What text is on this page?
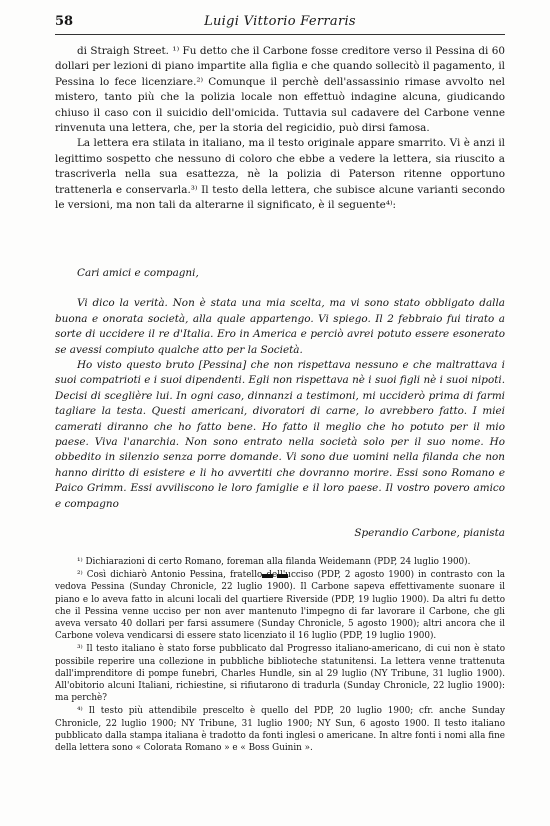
58	Luigi Vittorio Ferraris

di Straigh Street. ¹⁾ Fu detto che il Carbone fosse creditore verso il Pessina di 60 dollari per lezioni di piano impartite alla figlia e che quando sollecitò il pagamento, il Pessina lo fece licenziare.²⁾ Comunque il perchè dell'assassinio rimase avvolto nel mistero, tanto più che la polizia locale non effettuò indagine alcuna, giudicando chiuso il caso con il suicidio dell'omicida. Tuttavia sul cadavere del Carbone venne rinvenuta una lettera, che, per la storia del regicidio, può dirsi famosa.

La lettera era stilata in italiano, ma il testo originale appare smarrito. Vi è anzi il legittimo sospetto che nessuno di coloro che ebbe a vedere la lettera, sia riuscito a trascriverla nella sua esattezza, nè la polizia di Paterson ritenne opportuno trattenerla e conservarla.³⁾ Il testo della lettera, che subisce alcune varianti secondo le versioni, ma non tali da alterarne il significato, è il seguente⁴⁾:

Cari amici e compagni,

Vi dico la verità. Non è stata una mia scelta, ma vi sono stato obbligato dalla buona e onorata società, alla quale appartengo. Vi spiego. Il 2 febbraio fui tirato a sorte di uccidere il re d'Italia. Ero in America e perciò avrei potuto essere esonerato se avessi compiuto qualche atto per la Società.

Ho visto questo bruto [Pessina] che non rispettava nessuno e che maltrattava i suoi compatrioti e i suoi dipendenti. Egli non rispettava nè i suoi figli nè i suoi nipoti. Decisi di sceglière lui. In ogni caso, dinnanzi a testimoni, mi ucciderò prima di farmi tagliare la testa. Questi americani, divoratori di carne, lo avrebbero fatto. I miei camerati diranno che ho fatto bene. Ho fatto il meglio che ho potuto per il mio paese. Viva l'anarchia. Non sono entrato nella società solo per il suo nome. Ho obbedito in silenzio senza porre domande. Vi sono due uomini nella filanda che non hanno diritto di esistere e li ho avvertiti che dovranno morire. Essi sono Romano e Paico Grimm. Essi avviliscono le loro famiglie e il loro paese. Il vostro povero amico e compagno

Sperandio Carbone, pianista

¹⁾ Dichiarazioni di certo Romano, foreman alla filanda Weidemann (PDP, 24 luglio 1900).

²⁾ Così dichiarò Antonio Pessina, fratello dell'ucciso (PDP, 2 agosto 1900) in contrasto con la vedova Pessina (Sunday Chronicle, 22 luglio 1900). Il Carbone sapeva effettivamente suonare il piano e lo aveva fatto in alcuni locali del quartiere Riverside (PDP, 19 luglio 1900). Da altri fu detto che il Pessina venne ucciso per non aver mantenuto l'impegno di far lavorare il Carbone, che gli aveva versato 40 dollari per farsi assumere (Sunday Chronicle, 5 agosto 1900); altri ancora che il Carbone voleva vendicarsi di essere stato licenziato il 16 luglio (PDP, 19 luglio 1900).

³⁾ Il testo italiano è stato forse pubblicato dal Progresso italiano-americano, di cui non è stato possibile reperire una collezione in pubbliche biblioteche statunitensi. La lettera venne trattenuta dall'imprenditore di pompe funebri, Charles Hundle, sin al 29 luglio (NY Tribune, 31 luglio 1900). All'obitorio alcuni Italiani, richiestine, si rifiutarono di tradurla (Sunday Chronicle, 22 luglio 1900): ma perchè?

⁴⁾ Il testo più attendibile prescelto è quello del PDP, 20 luglio 1900; cfr. anche Sunday Chronicle, 22 luglio 1900; NY Tribune, 31 luglio 1900; NY Sun, 6 agosto 1900. Il testo italiano pubblicato dalla stampa italiana è tradotto da fonti inglesi o americane. In altre fonti i nomi alla fine della lettera sono « Colorata Romano » e « Boss Guinin ».
